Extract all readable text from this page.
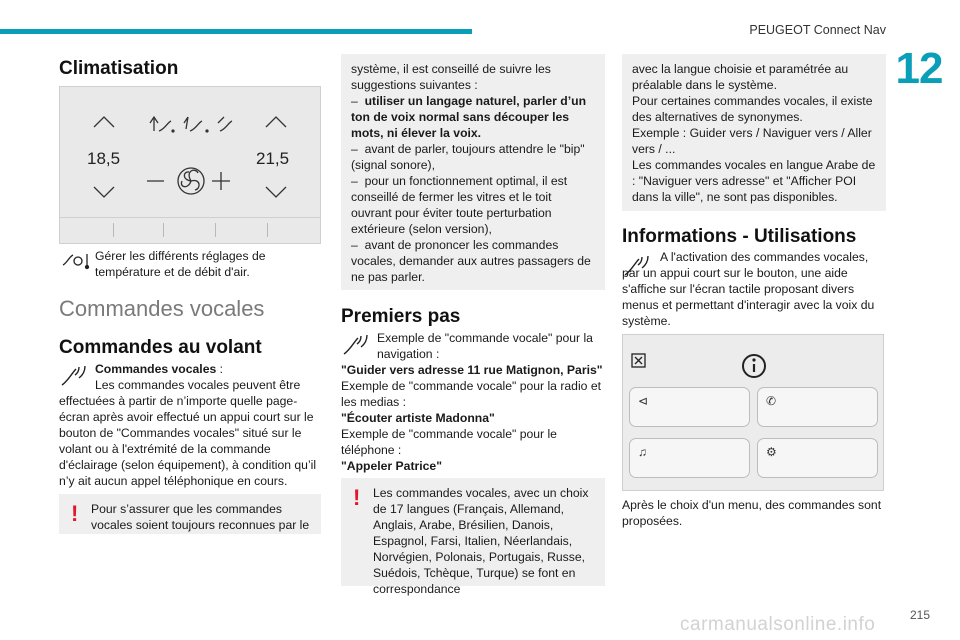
PEUGEOT Connect Nav
12
215
carmanualsonline.info
Climatisation
18,5	21,5

Gérer les différents réglages de température et de débit d'air.

Commandes vocales
Commandes au volant

Commandes vocales :
Les commandes vocales peuvent être

effectuées à partir de n’importe quelle page-écran après avoir effectué un appui court sur le bouton de "Commandes vocales" situé sur le volant ou à l'extrémité de la commande d'éclairage (selon équipement), à condition qu’il n’y ait aucun appel téléphonique en cours.

! Pour s’assurer que les commandes vocales soient toujours reconnues par le

système, il est conseillé de suivre les suggestions suivantes :

– utiliser un langage naturel, parler d’un ton de voix normal sans découper les mots, ni élever la voix.

– avant de parler, toujours attendre le "bip" (signal sonore),

– pour un fonctionnement optimal, il est conseillé de fermer les vitres et le toit ouvrant pour éviter toute perturbation extérieure (selon version),

– avant de prononcer les commandes vocales, demander aux autres passagers de ne pas parler.

Premiers pas

Exemple de "commande vocale" pour la navigation :

"Guider vers adresse 11 rue Matignon, Paris"

Exemple de "commande vocale" pour la radio et les medias :

"Écouter artiste Madonna"

Exemple de "commande vocale" pour le téléphone :

"Appeler Patrice"

! Les commandes vocales, avec un choix de 17 langues (Français, Allemand, Anglais, Arabe, Brésilien, Danois, Espagnol, Farsi, Italien, Néerlandais, Norvégien, Polonais, Portugais, Russe, Suédois, Tchèque, Turque) se font en correspondance

avec la langue choisie et paramétrée au préalable dans le système.

Pour certaines commandes vocales, il existe des alternatives de synonymes.

Exemple : Guider vers / Naviguer vers / Aller vers / ...

Les commandes vocales en langue Arabe de : "Naviguer vers adresse" et "Afficher POI dans la ville", ne sont pas disponibles.

Informations - Utilisations

A l'activation des commandes vocales, par un appui court sur le bouton, une aide s'affiche sur l'écran tactile proposant divers menus et permettant d'interagir avec la voix du système.

⊲	✆
♫	⚙

Après le choix d'un menu, des commandes sont proposées.
